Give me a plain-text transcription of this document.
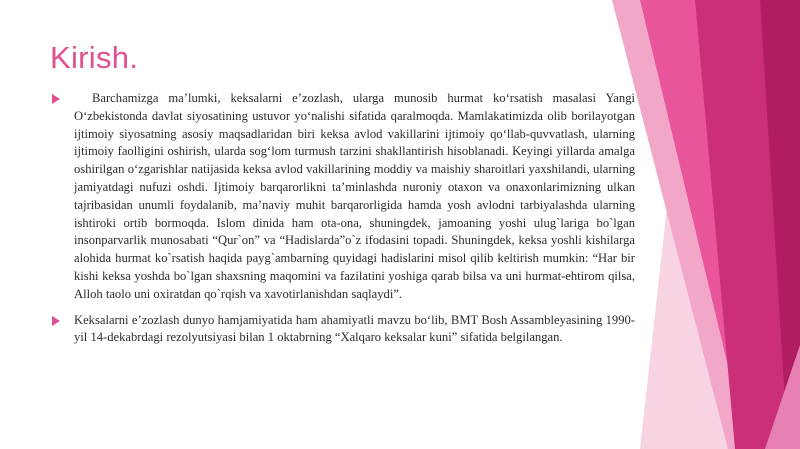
Kirish.

Barchamizga ma’lumki, keksalarni e’zozlash, ularga munosib hurmat ko‘rsatish masalasi Yangi O‘zbekistonda davlat siyosatining ustuvor yo‘nalishi sifatida qaralmoqda. Mamlakatimizda olib borilayotgan ijtimoiy siyosatning asosiy maqsadlaridan biri keksa avlod vakillarini ijtimoiy qo‘llab-quvvatlash, ularning ijtimoiy faolligini oshirish, ularda sog‘lom turmush tarzini shakllantirish hisoblanadi. Keyingi yillarda amalga oshirilgan o‘zgarishlar natijasida keksa avlod vakillarining moddiy va maishiy sharoitlari yaxshilandi, ularning jamiyatdagi nufuzi oshdi. Ijtimoiy barqarorlikni ta’minlashda nuroniy otaxon va onaxonlarimizning ulkan tajribasidan unumli foydalanib, ma’naviy muhit barqarorligida hamda yosh avlodni tarbiyalashda ularning ishtiroki ortib bormoqda. Islom dinida ham ota-ona, shuningdek, jamoaning yoshi ulug`lariga bo`lgan insonparvarlik munosabati “Qur`on” va “Hadislarda”o`z ifodasini topadi. Shuningdek, keksa yoshli kishilarga alohida hurmat ko`rsatish haqida payg`ambarning quyidagi hadislarini misol qilib keltirish mumkin: “Har bir kishi keksa yoshda bo`lgan shaxsning maqomini va fazilatini yoshiga qarab bilsa va uni hurmat-ehtirom qilsa, Alloh taolo uni oxiratdan qo`rqish va xavotirlanishdan saqlaydi”.

Keksalarni e’zozlash dunyo hamjamiyatida ham ahamiyatli mavzu bo‘lib, BMT Bosh Assambleyasining 1990-yil 14-dekabrdagi rezolyutsiyasi bilan 1 oktabrning “Xalqaro keksalar kuni” sifatida belgilangan.
